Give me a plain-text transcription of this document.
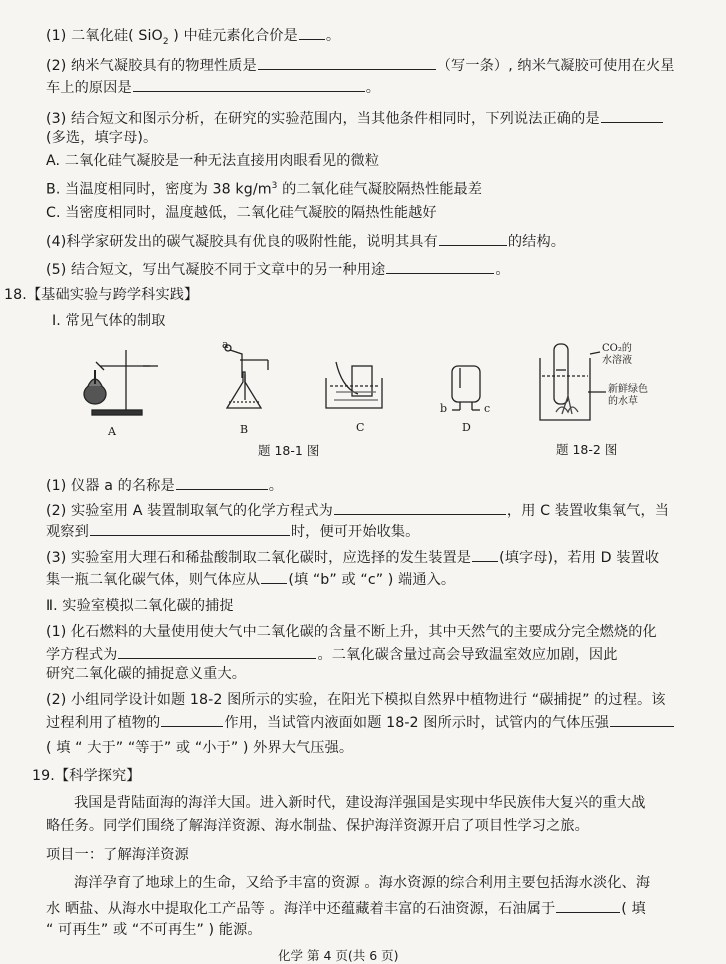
(1) 二氧化硅( SiO$_2$ ) 中硅元素化合价是 。
(2) 纳米气凝胶具有的物理性质是	（写一条）, 纳米气凝胶可使用在火星
车上的原因是	。
(3) 结合短文和图示分析，在研究的实验范围内，当其他条件相同时，下列说法正确的是
(多选，填字母)。
A. 二氧化硅气凝胶是一种无法直接用肉眼看见的微粒
B. 当温度相同时，密度为 38 $kg/m^3$ 的二氧化硅气凝胶隔热性能最差
C. 当密度相同时，温度越低，二氧化硅气凝胶的隔热性能越好
(4)科学家研发出的碳气凝胶具有优良的吸附性能，说明其具有	的结构。
(5) 结合短文，写出气凝胶不同于文章中的另一种用途	。
18.【基础实验与跨学科实践】
Ⅰ. 常见气体的制取
A	B	C	D
a
b	c
CO₂的
水溶液
新鲜绿色
的水草
题 18-1 图	题 18-2 图
(1) 仪器 a 的名称是	。
(2) 实验室用 A 装置制取氧气的化学方程式为	，用 C 装置收集氧气，当
观察到	时，便可开始收集。
(3) 实验室用大理石和稀盐酸制取二氧化碳时，应选择的发生装置是 (填字母)，若用 D 装置收
集一瓶二氧化碳气体，则气体应从 (填 “b” 或 “c” ) 端通入。
Ⅱ. 实验室模拟二氧化碳的捕捉
(1) 化石燃料的大量使用使大气中二氧化碳的含量不断上升，其中天然气的主要成分完全燃烧的化
学方程式为	。二氧化碳含量过高会导致温室效应加剧，因此
研究二氧化碳的捕捉意义重大。
(2) 小组同学设计如题 18-2 图所示的实验，在阳光下模拟自然界中植物进行 “碳捕捉” 的过程。该
过程利用了植物的	作用，当试管内液面如题 18-2 图所示时，试管内的气体压强
( 填 “ 大于” “等于” 或 “小于” ) 外界大气压强。
19.【科学探究】
我国是背陆面海的海洋大国。进入新时代，建设海洋强国是实现中华民族伟大复兴的重大战
略任务。同学们围绕了解海洋资源、海水制盐、保护海洋资源开启了项目性学习之旅。
项目一：了解海洋资源
海洋孕育了地球上的生命，又给予丰富的资源 。海水资源的综合利用主要包括海水淡化、海
水 晒盐、从海水中提取化工产品等 。海洋中还蕴藏着丰富的石油资源，石油属于	( 填
“ 可再生” 或 “不可再生” ) 能源。
化学 第 4 页(共 6 页)
